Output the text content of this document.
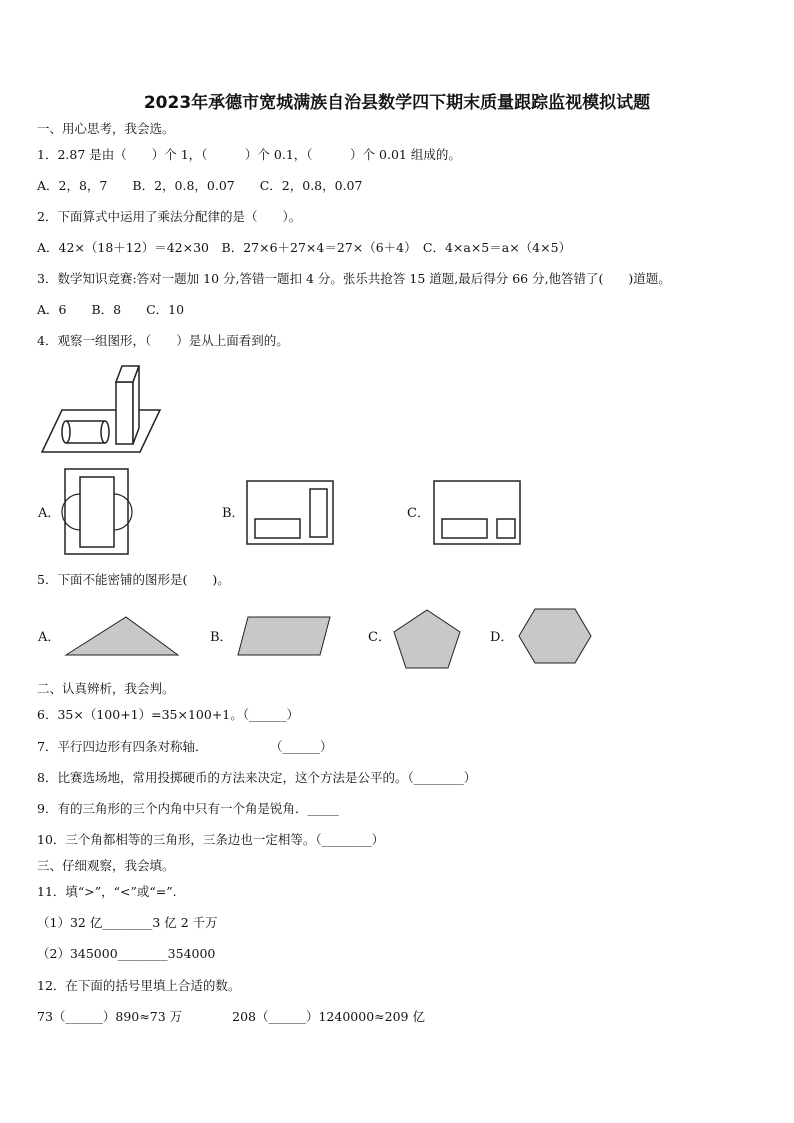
2023年承德市宽城满族自治县数学四下期末质量跟踪监视模拟试题
一、用心思考，我会选。
1．2.87 是由（　　）个 1，（　　　）个 0.1，（　　　）个 0.01 组成的。
A．2，8，7　　B．2，0.8，0.07　　C．2，0.8，0.07
2．下面算式中运用了乘法分配律的是（　　）。
A．42×（18＋12）＝42×30　B．27×6＋27×4＝27×（6＋4）　C．4×a×5＝a×（4×5）
3．数学知识竞赛:答对一题加 10 分,答错一题扣 4 分。张乐共抢答 15 道题,最后得分 66 分,他答错了(　　)道题。
A．6　　B．8　　C．10
4．观察一组图形，（　　）是从上面看到的。
A．	B．	C．
5．下面不能密铺的图形是(　　)。
A．	B．	C．	D．
二、认真辨析，我会判。
6．35×（100+1）=35×100+1。（______）
7．平行四边形有四条对称轴．　　　　　　（______）
8．比赛选场地，常用投掷硬币的方法来决定，这个方法是公平的。（________）
9．有的三角形的三个内角中只有一个角是锐角．_____
10．三个角都相等的三角形，三条边也一定相等。（________）
三、仔细观察，我会填。
11．填“>”，“<”或“=”.
（1）32 亿________3 亿 2 千万
（2）345000________354000
12．在下面的括号里填上合适的数。
73（______）890≈73 万　　　　208（______）1240000≈209 亿
